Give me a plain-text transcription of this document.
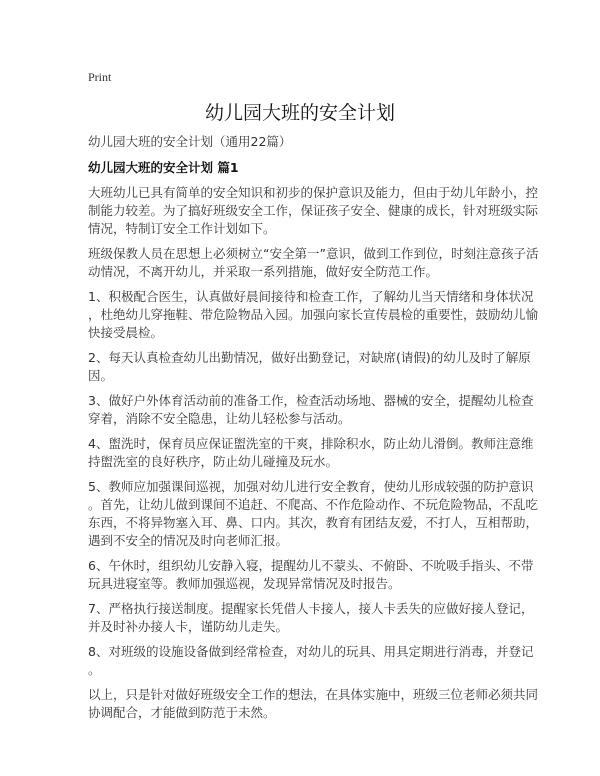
Print
幼儿园大班的安全计划
幼儿园大班的安全计划（通用22篇）
幼儿园大班的安全计划 篇1
大班幼儿已具有简单的安全知识和初步的保护意识及能力，但由于幼儿年龄小，控
制能力较差。为了搞好班级安全工作，保证孩子安全、健康的成长，针对班级实际
情况，特制订安全工作计划如下。
班级保教人员在思想上必须树立“安全第一”意识，做到工作到位，时刻注意孩子活
动情况，不离开幼儿，并采取一系列措施，做好安全防范工作。
1、积极配合医生，认真做好晨间接待和检查工作，了解幼儿当天情绪和身体状况
，杜绝幼儿穿拖鞋、带危险物品入园。加强向家长宣传晨检的重要性，鼓励幼儿愉
快接受晨检。
2、每天认真检查幼儿出勤情况，做好出勤登记，对缺席(请假)的幼儿及时了解原
因。
3、做好户外体育活动前的准备工作，检查活动场地、器械的安全，提醒幼儿检查
穿着，消除不安全隐患，让幼儿轻松参与活动。
4、盥洗时，保育员应保证盥洗室的干爽，排除积水，防止幼儿滑倒。教师注意维
持盥洗室的良好秩序，防止幼儿碰撞及玩水。
5、教师应加强课间巡视，加强对幼儿进行安全教育，使幼儿形成较强的防护意识
。首先，让幼儿做到课间不追赶、不爬高、不作危险动作、不玩危险物品，不乱吃
东西，不将异物塞入耳、鼻、口内。其次，教育有团结友爱，不打人，互相帮助，
遇到不安全的情况及时向老师汇报。
6、午休时，组织幼儿安静入寝，提醒幼儿不蒙头、不俯卧、不吮吸手指头、不带
玩具进寝室等。教师加强巡视，发现异常情况及时报告。
7、严格执行接送制度。提醒家长凭借人卡接人，接人卡丢失的应做好接人登记，
并及时补办接人卡，谨防幼儿走失。
8、对班级的设施设备做到经常检查，对幼儿的玩具、用具定期进行消毒，并登记
。
以上，只是针对做好班级安全工作的想法，在具体实施中，班级三位老师必须共同
协调配合，才能做到防范于未然。
